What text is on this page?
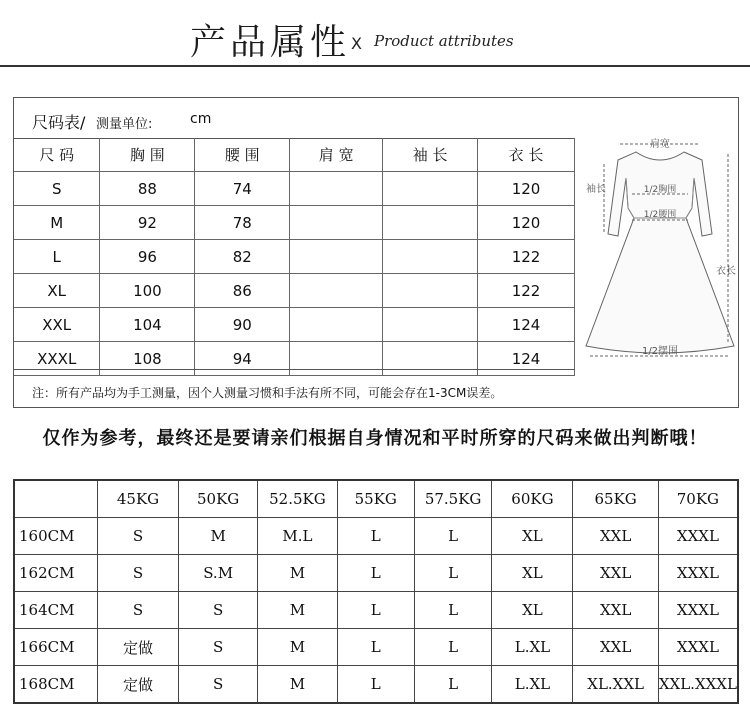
产品属性 X Product attributes
尺码表/ 测量单位:	cm
尺 码	胸 围	腰 围	肩 宽	袖 长	衣 长
S	88	74			120
M	92	78			120
L	96	82			122
XL	100	86			122
XXL	104	90			124
XXXL	108	94			124
肩宽
袖长	1/2胸围
1/2腰围
衣长
1/2摆围
注：所有产品均为手工测量，因个人测量习惯和手法有所不同，可能会存在1-3CM误差。
仅作为参考，最终还是要请亲们根据自身情况和平时所穿的尺码来做出判断哦！
	45KG	50KG	52.5KG	55KG	57.5KG	60KG	65KG	70KG
160CM	S	M	M.L	L	L	XL	XXL	XXXL
162CM	S	S.M	M	L	L	XL	XXL	XXXL
164CM	S	S	M	L	L	XL	XXL	XXXL
166CM	定做	S	M	L	L	L.XL	XXL	XXXL
168CM	定做	S	M	L	L	L.XL	XL.XXL	XXL.XXXL
